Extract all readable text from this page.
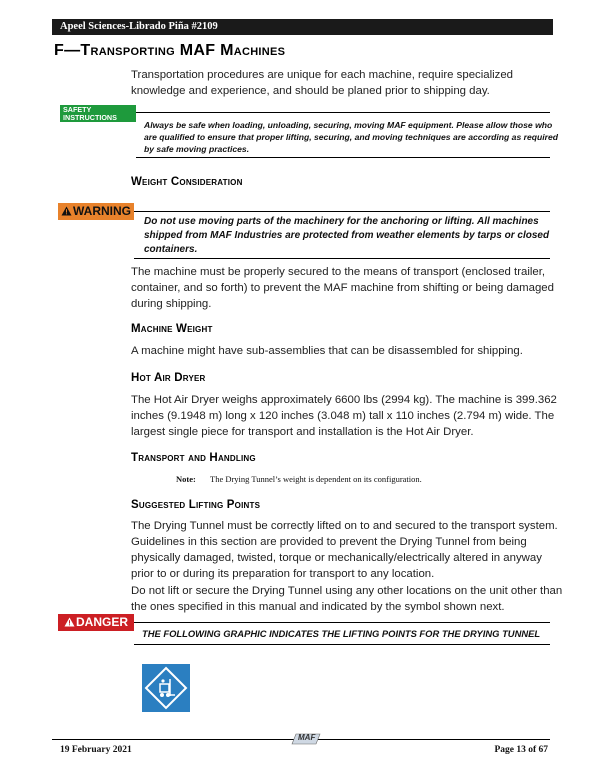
Apeel Sciences-Librado Piña #2109
F—Transporting MAF Machines
Transportation procedures are unique for each machine, require specialized
knowledge and experience, and should be planed prior to shipping day.
SAFETY
INSTRUCTIONS
Always be safe when loading, unloading, securing, moving MAF equipment. Please allow those who
are qualified to ensure that proper lifting, securing, and moving techniques are according as required
by safe moving practices.
Weight Consideration
WARNING
Do not use moving parts of the machinery for the anchoring or lifting. All machines
shipped from MAF Industries are protected from weather elements by tarps or closed
containers.
The machine must be properly secured to the means of transport (enclosed trailer,
container, and so forth) to prevent the MAF machine from shifting or being damaged
during shipping.
Machine Weight
A machine might have sub-assemblies that can be disassembled for shipping.
Hot Air Dryer
The Hot Air Dryer weighs approximately 6600 lbs (2994 kg). The machine is 399.362
inches (9.1948 m) long x 120 inches (3.048 m) tall x 110 inches (2.794 m) wide. The
largest single piece for transport and installation is the Hot Air Dryer.
Transport and Handling
Note: The Drying Tunnel’s weight is dependent on its configuration.
Suggested Lifting Points
The Drying Tunnel must be correctly lifted on to and secured to the transport system.
Guidelines in this section are provided to prevent the Drying Tunnel from being
physically damaged, twisted, torque or mechanically/electrically altered in anyway
prior to or during its preparation for transport to any location.
Do not lift or secure the Drying Tunnel using any other locations on the unit other than
the ones specified in this manual and indicated by the symbol shown next.
DANGER
THE FOLLOWING GRAPHIC INDICATES THE LIFTING POINTS FOR THE DRYING TUNNEL
19 February 2021
MAF
Page 13 of 67
